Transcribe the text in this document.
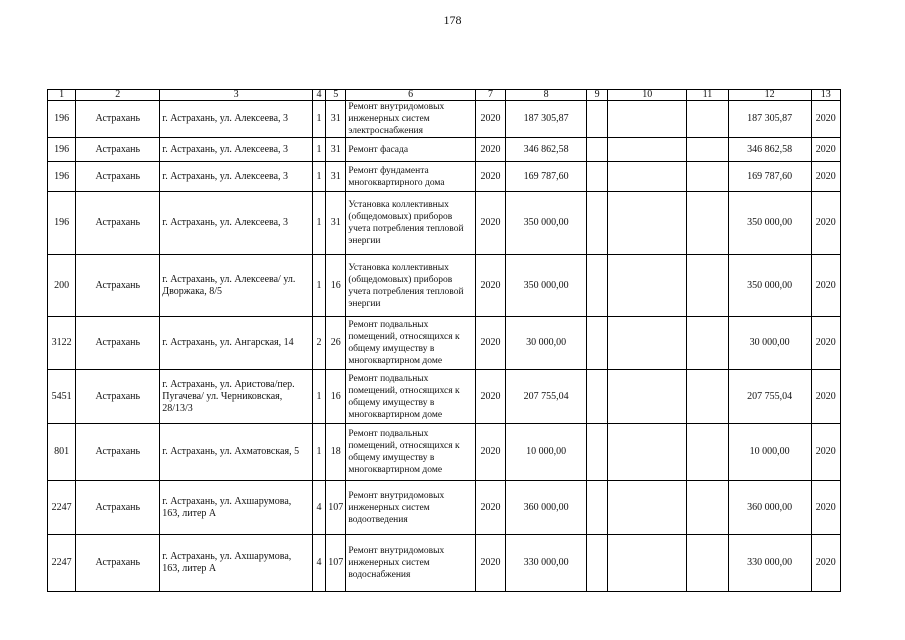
178
1	2	3	4	5	6	7	8	9	10	11	12	13
196	Астрахань	г. Астрахань, ул. Алексеева, 3	1	31	Ремонт внутридомовых инженерных систем электроснабжения	2020	187 305,87				187 305,87	2020
196	Астрахань	г. Астрахань, ул. Алексеева, 3	1	31	Ремонт фасада	2020	346 862,58				346 862,58	2020
196	Астрахань	г. Астрахань, ул. Алексеева, 3	1	31	Ремонт фундамента многоквартирного дома	2020	169 787,60				169 787,60	2020
196	Астрахань	г. Астрахань, ул. Алексеева, 3	1	31	Установка коллективных (общедомовых) приборов учета потребления тепловой энергии	2020	350 000,00				350 000,00	2020
200	Астрахань	г. Астрахань, ул. Алексеева/ ул. Дворжака, 8/5	1	16	Установка коллективных (общедомовых) приборов учета потребления тепловой энергии	2020	350 000,00				350 000,00	2020
3122	Астрахань	г. Астрахань, ул. Ангарская, 14	2	26	Ремонт подвальных помещений, относящихся к общему имуществу в многоквартирном доме	2020	30 000,00				30 000,00	2020
5451	Астрахань	г. Астрахань, ул. Аристова/пер. Пугачева/ ул. Черниковская, 28/13/3	1	16	Ремонт подвальных помещений, относящихся к общему имуществу в многоквартирном доме	2020	207 755,04				207 755,04	2020
801	Астрахань	г. Астрахань, ул. Ахматовская, 5	1	18	Ремонт подвальных помещений, относящихся к общему имуществу в многоквартирном доме	2020	10 000,00				10 000,00	2020
2247	Астрахань	г. Астрахань, ул. Ахшарумова, 163, литер А	4	107	Ремонт внутридомовых инженерных систем водоотведения	2020	360 000,00				360 000,00	2020
2247	Астрахань	г. Астрахань, ул. Ахшарумова, 163, литер А	4	107	Ремонт внутридомовых инженерных систем водоснабжения	2020	330 000,00				330 000,00	2020
